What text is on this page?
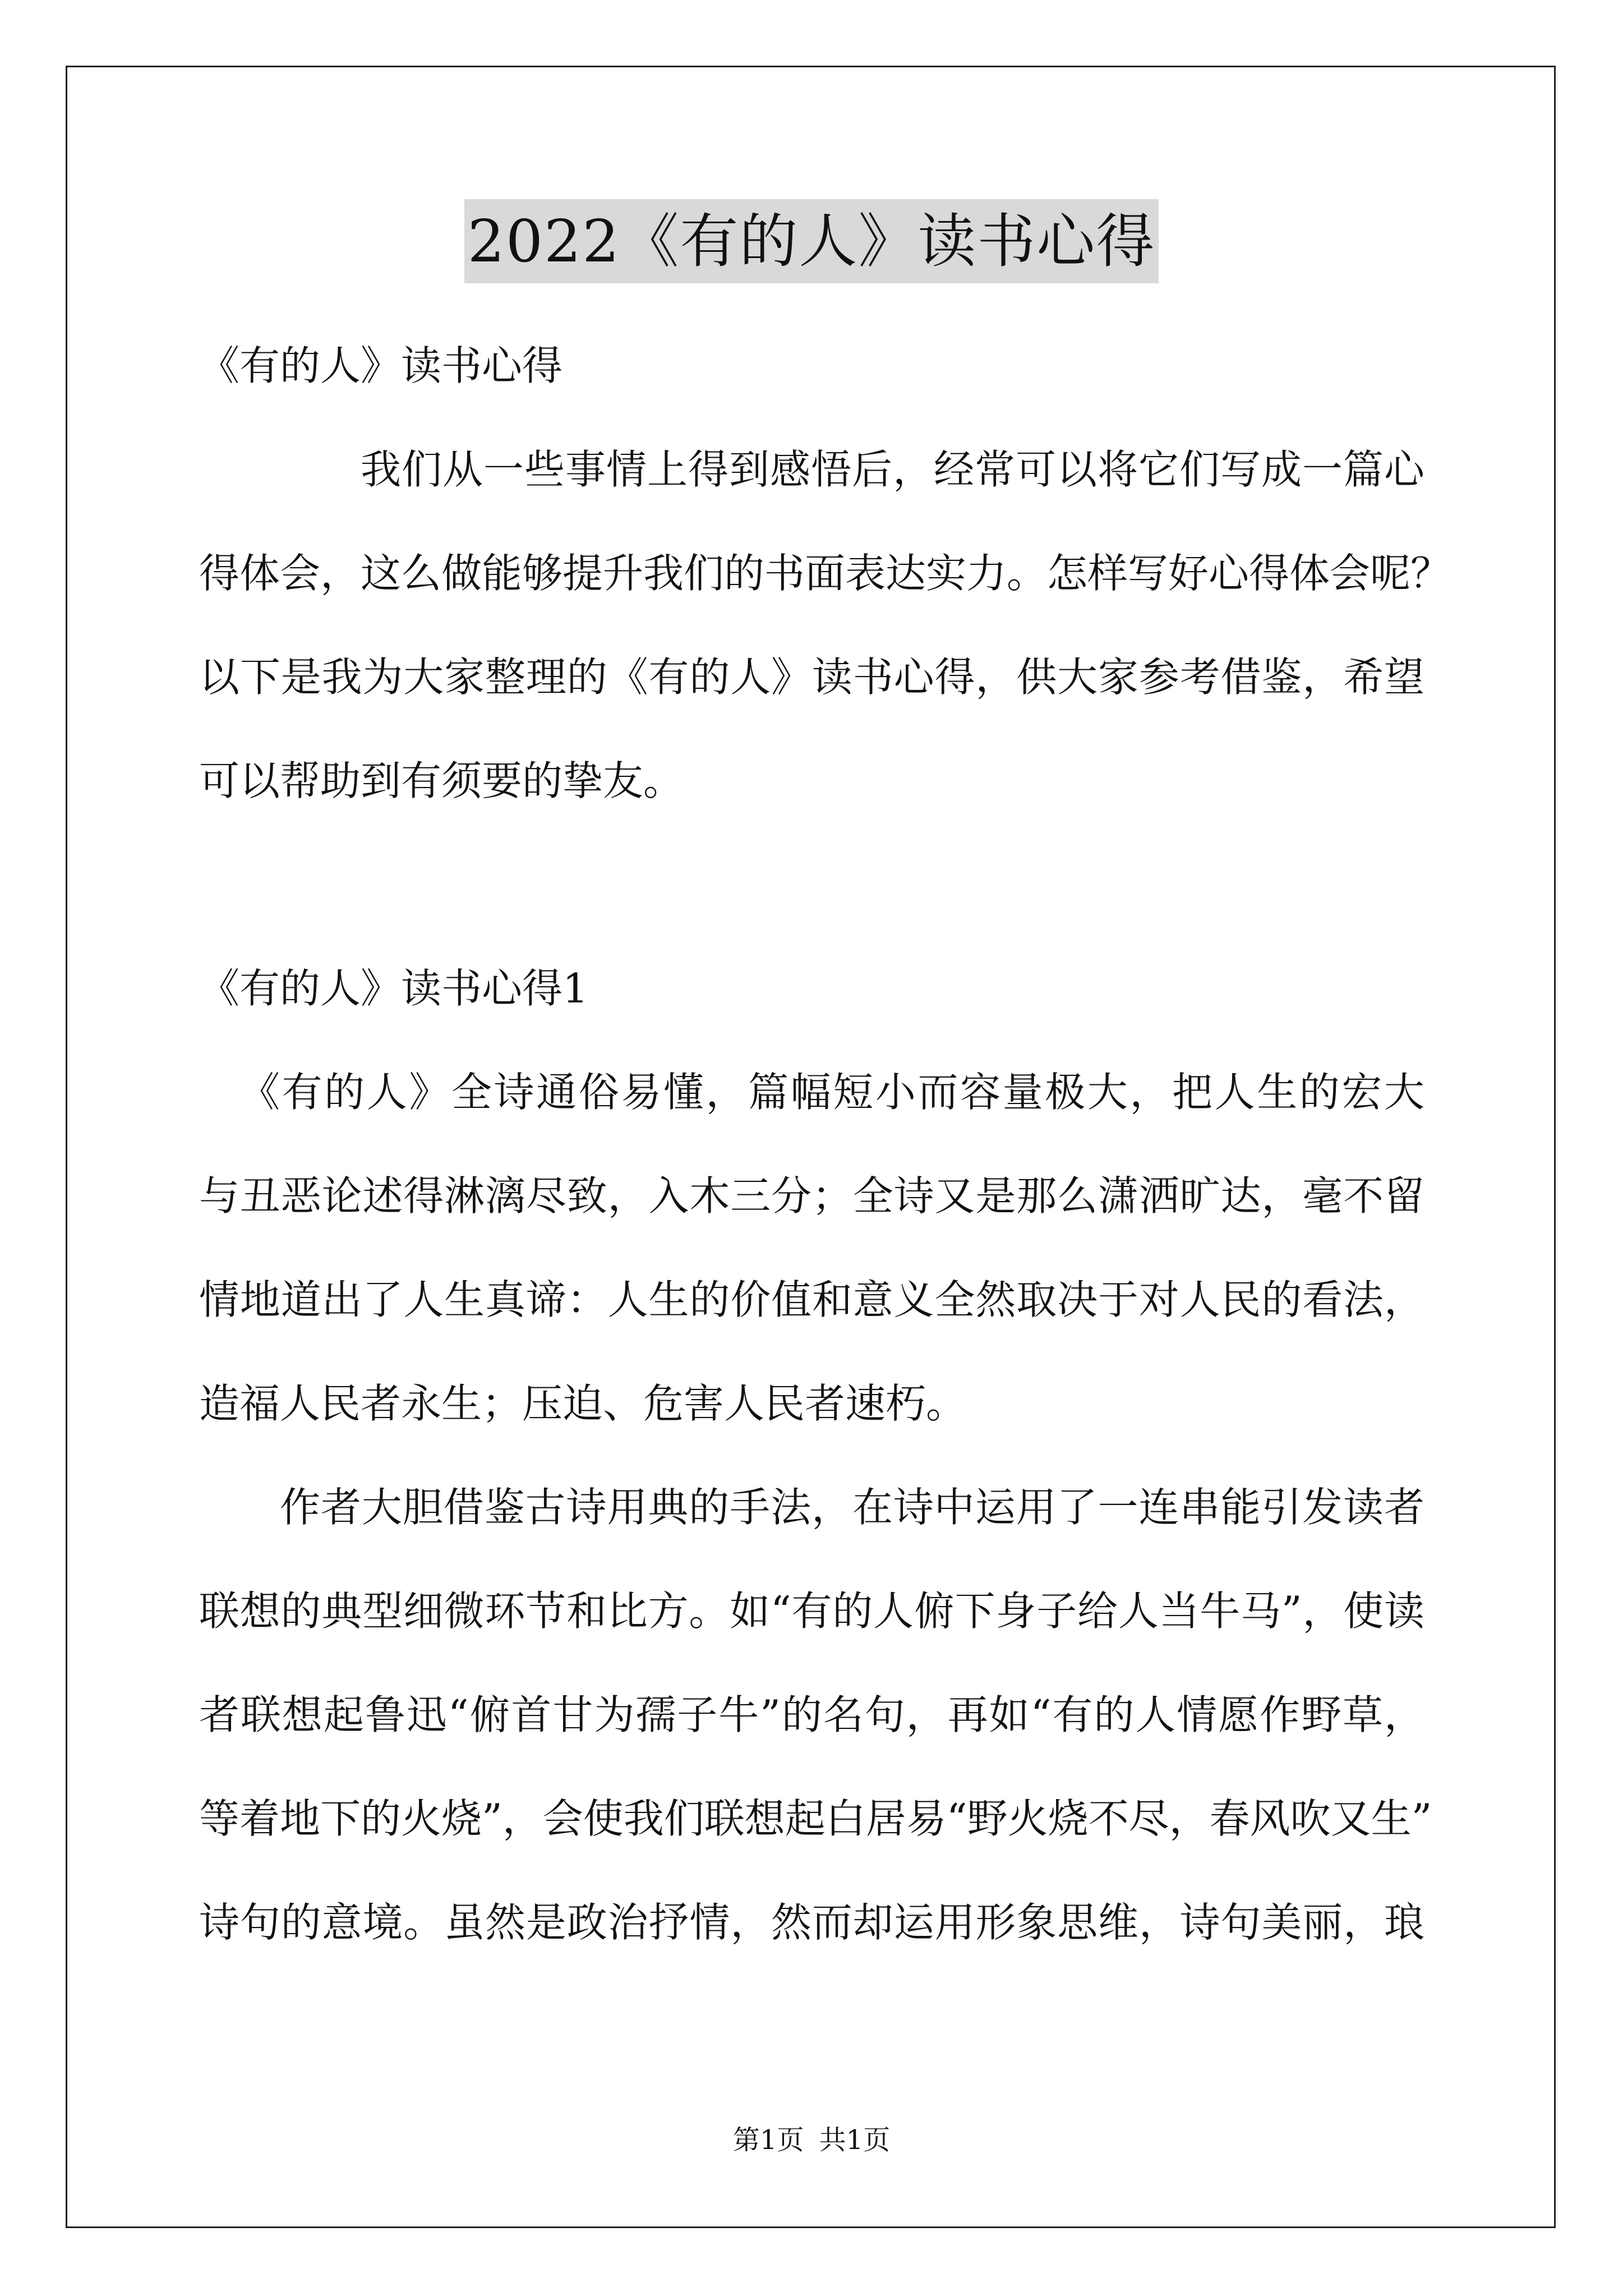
2022《有的人》读书心得
《有的人》读书心得
我们从一些事情上得到感悟后，经常可以将它们写成一篇心
得体会，这么做能够提升我们的书面表达实力。怎样写好心得体会呢？
以下是我为大家整理的《有的人》读书心得，供大家参考借鉴，希望
可以帮助到有须要的挚友。
《有的人》读书心得1
《有的人》全诗通俗易懂，篇幅短小而容量极大，把人生的宏大
与丑恶论述得淋漓尽致，入木三分；全诗又是那么潇洒旷达，毫不留
情地道出了人生真谛：人生的价值和意义全然取决于对人民的看法，
造福人民者永生；压迫、危害人民者速朽。
作者大胆借鉴古诗用典的手法，在诗中运用了一连串能引发读者
联想的典型细微环节和比方。如“有的人俯下身子给人当牛马”，使读
者联想起鲁迅“俯首甘为孺子牛”的名句，再如“有的人情愿作野草，
等着地下的火烧”，会使我们联想起白居易“野火烧不尽，春风吹又生”
诗句的意境。虽然是政治抒情，然而却运用形象思维，诗句美丽，琅
第1页 共1页
